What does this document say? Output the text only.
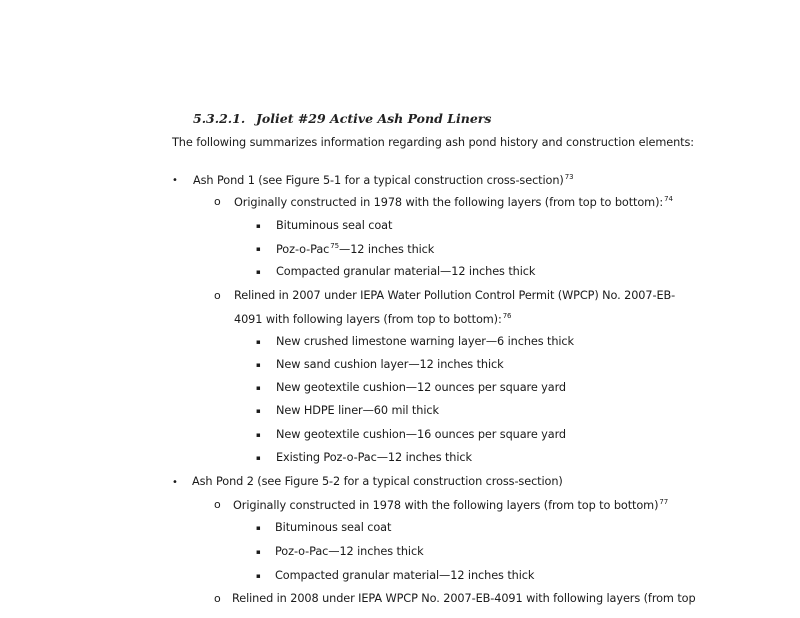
5.3.2.1. Joliet #29 Active Ash Pond Liners
The following summarizes information regarding ash pond history and construction elements:
• Ash Pond 1 (see Figure 5-1 for a typical construction cross-section)$^{73}$
o Originally constructed in 1978 with the following layers (from top to bottom):$^{74}$
▪ Bituminous seal coat
▪ Poz-o-Pac$^{75}$—12 inches thick
▪ Compacted granular material—12 inches thick
o Relined in 2007 under IEPA Water Pollution Control Permit (WPCP) No. 2007-EB-
4091 with following layers (from top to bottom):$^{76}$
▪ New crushed limestone warning layer—6 inches thick
▪ New sand cushion layer—12 inches thick
▪ New geotextile cushion—12 ounces per square yard
▪ New HDPE liner—60 mil thick
▪ New geotextile cushion—16 ounces per square yard
▪ Existing Poz-o-Pac—12 inches thick
• Ash Pond 2 (see Figure 5-2 for a typical construction cross-section)
o Originally constructed in 1978 with the following layers (from top to bottom)$^{77}$
▪ Bituminous seal coat
▪ Poz-o-Pac—12 inches thick
▪ Compacted granular material—12 inches thick
o Relined in 2008 under IEPA WPCP No. 2007-EB-4091 with following layers (from top
